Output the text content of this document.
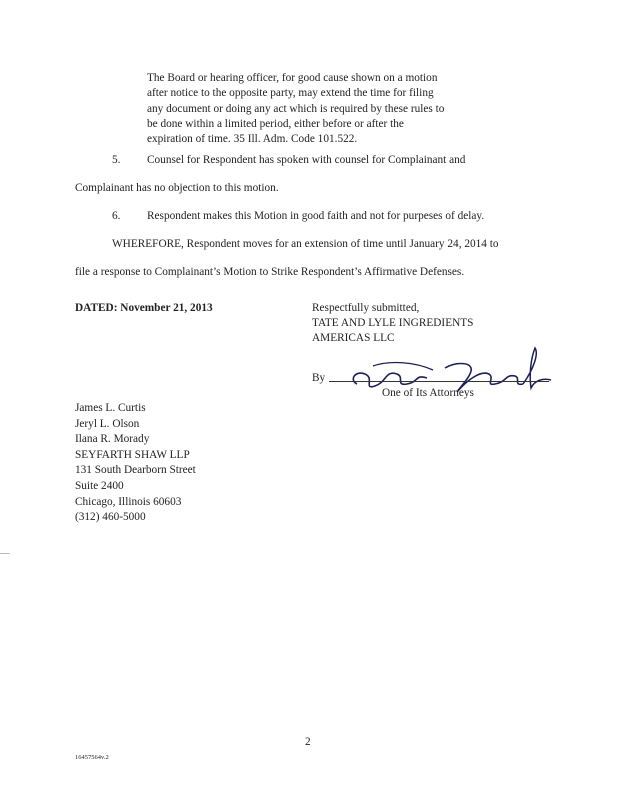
The Board or hearing officer, for good cause shown on a motion
after notice to the opposite party, may extend the time for filing
any document or doing any act which is required by these rules to
be done within a limited period, either before or after the
expiration of time. 35 Ill. Adm. Code 101.522.
5. Counsel for Respondent has spoken with counsel for Complainant and
Complainant has no objection to this motion.
6. Respondent makes this Motion in good faith and not for purpeses of delay.
WHEREFORE, Respondent moves for an extension of time until January 24, 2014 to
file a response to Complainant’s Motion to Strike Respondent’s Affirmative Defenses.
DATED: November 21, 2013	Respectfully submitted,
TATE AND LYLE INGREDIENTS
AMERICAS LLC
By
One of Its Attorneys
James L. Curtis
Jeryl L. Olson
Ilana R. Morady
SEYFARTH SHAW LLP
131 South Dearborn Street
Suite 2400
Chicago, Illinois 60603
(312) 460-5000
2
16457564v.2
